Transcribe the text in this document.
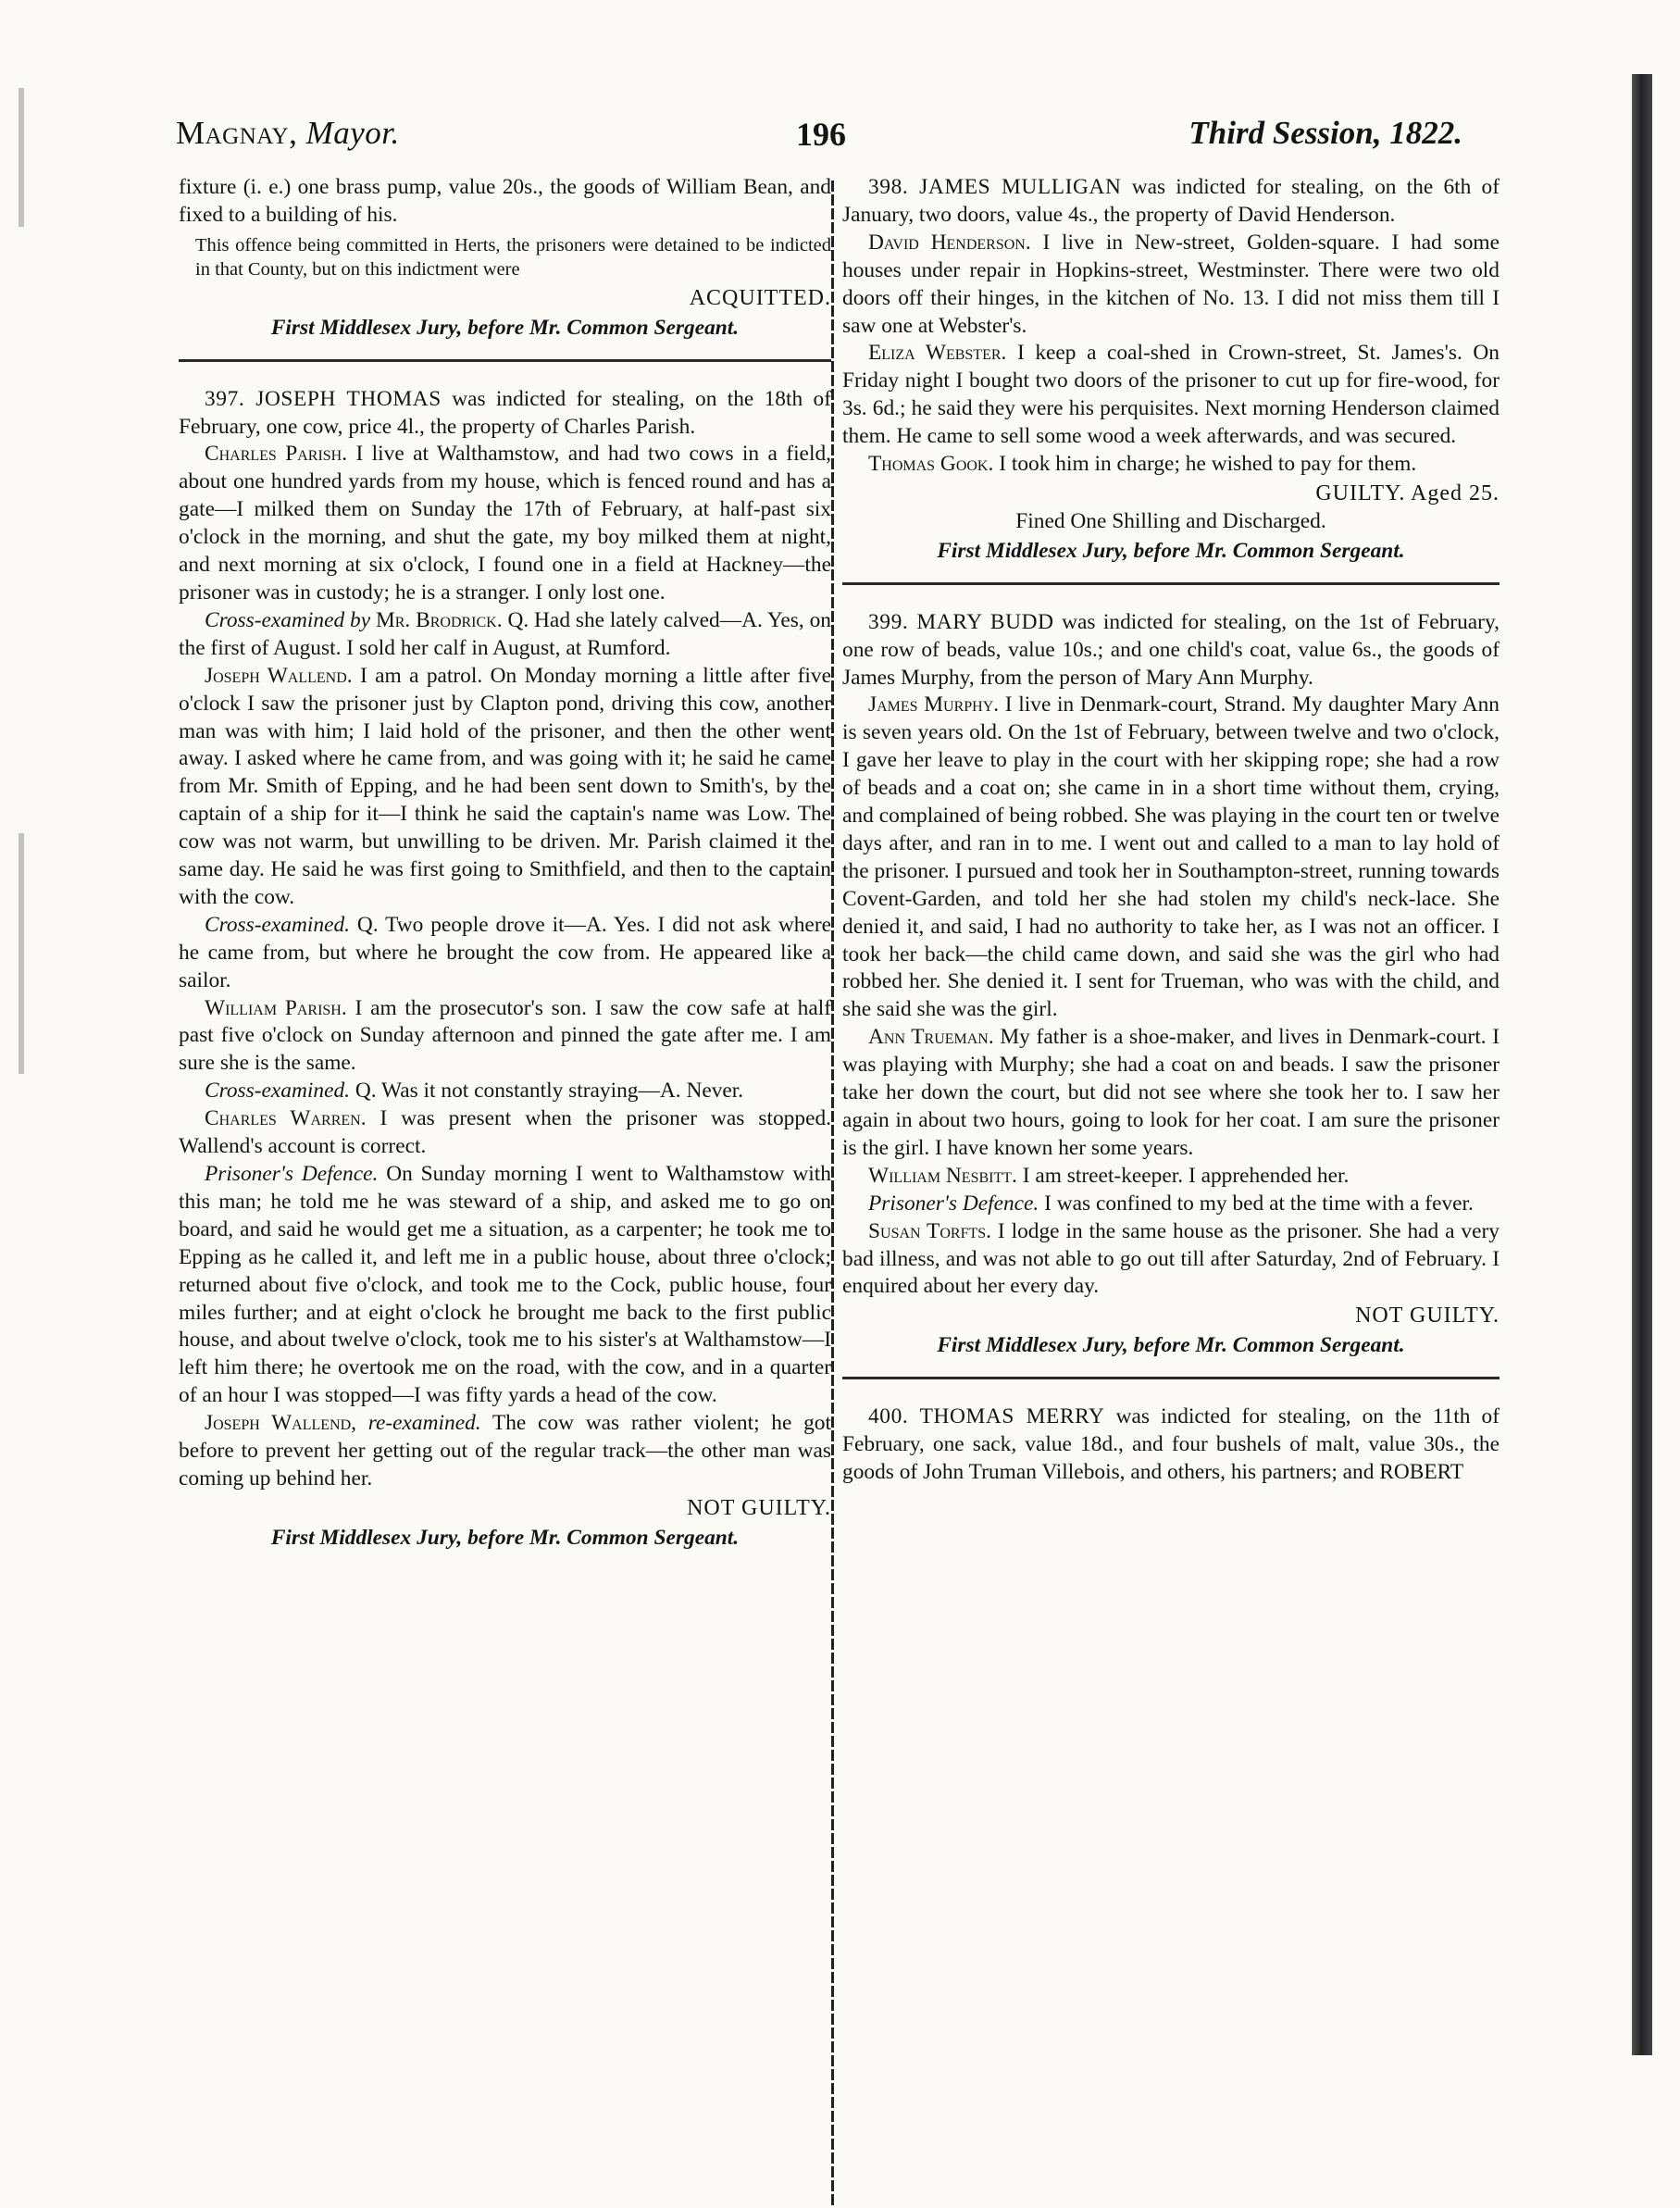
Magnay, Mayor.	196	Third Session, 1822.

fixture (i. e.) one brass pump, value 20s., the goods of William Bean, and fixed to a building of his.

This offence being committed in Herts, the prisoners were detained to be indicted in that County, but on this indictment were

ACQUITTED.

First Middlesex Jury, before Mr. Common Sergeant.

397. JOSEPH THOMAS was indicted for stealing, on the 18th of February, one cow, price 4l., the property of Charles Parish.

Charles Parish. I live at Walthamstow, and had two cows in a field, about one hundred yards from my house, which is fenced round and has a gate—I milked them on Sunday the 17th of February, at half-past six o'clock in the morning, and shut the gate, my boy milked them at night, and next morning at six o'clock, I found one in a field at Hackney—the prisoner was in custody; he is a stranger. I only lost one.

Cross-examined by Mr. Brodrick. Q. Had she lately calved—A. Yes, on the first of August. I sold her calf in August, at Rumford.

Joseph Wallend. I am a patrol. On Monday morning a little after five o'clock I saw the prisoner just by Clapton pond, driving this cow, another man was with him; I laid hold of the prisoner, and then the other went away. I asked where he came from, and was going with it; he said he came from Mr. Smith of Epping, and he had been sent down to Smith's, by the captain of a ship for it—I think he said the captain's name was Low. The cow was not warm, but unwilling to be driven. Mr. Parish claimed it the same day. He said he was first going to Smithfield, and then to the captain with the cow.

Cross-examined. Q. Two people drove it—A. Yes. I did not ask where he came from, but where he brought the cow from. He appeared like a sailor.

William Parish. I am the prosecutor's son. I saw the cow safe at half past five o'clock on Sunday afternoon and pinned the gate after me. I am sure she is the same.

Cross-examined. Q. Was it not constantly straying—A. Never.

Charles Warren. I was present when the prisoner was stopped. Wallend's account is correct.

Prisoner's Defence. On Sunday morning I went to Walthamstow with this man; he told me he was steward of a ship, and asked me to go on board, and said he would get me a situation, as a carpenter; he took me to Epping as he called it, and left me in a public house, about three o'clock; returned about five o'clock, and took me to the Cock, public house, four miles further; and at eight o'clock he brought me back to the first public house, and about twelve o'clock, took me to his sister's at Walthamstow—I left him there; he overtook me on the road, with the cow, and in a quarter of an hour I was stopped—I was fifty yards a head of the cow.

Joseph Wallend, re-examined. The cow was rather violent; he got before to prevent her getting out of the regular track—the other man was coming up behind her.

NOT GUILTY.

First Middlesex Jury, before Mr. Common Sergeant.

398. JAMES MULLIGAN was indicted for stealing, on the 6th of January, two doors, value 4s., the property of David Henderson.

David Henderson. I live in New-street, Golden-square. I had some houses under repair in Hopkins-street, Westminster. There were two old doors off their hinges, in the kitchen of No. 13. I did not miss them till I saw one at Webster's.

Eliza Webster. I keep a coal-shed in Crown-street, St. James's. On Friday night I bought two doors of the prisoner to cut up for fire-wood, for 3s. 6d.; he said they were his perquisites. Next morning Henderson claimed them. He came to sell some wood a week afterwards, and was secured.

Thomas Gook. I took him in charge; he wished to pay for them.

GUILTY. Aged 25.

Fined One Shilling and Discharged.

First Middlesex Jury, before Mr. Common Sergeant.

399. MARY BUDD was indicted for stealing, on the 1st of February, one row of beads, value 10s.; and one child's coat, value 6s., the goods of James Murphy, from the person of Mary Ann Murphy.

James Murphy. I live in Denmark-court, Strand. My daughter Mary Ann is seven years old. On the 1st of February, between twelve and two o'clock, I gave her leave to play in the court with her skipping rope; she had a row of beads and a coat on; she came in in a short time without them, crying, and complained of being robbed. She was playing in the court ten or twelve days after, and ran in to me. I went out and called to a man to lay hold of the prisoner. I pursued and took her in Southampton-street, running towards Covent-Garden, and told her she had stolen my child's neck-lace. She denied it, and said, I had no authority to take her, as I was not an officer. I took her back—the child came down, and said she was the girl who had robbed her. She denied it. I sent for Trueman, who was with the child, and she said she was the girl.

Ann Trueman. My father is a shoe-maker, and lives in Denmark-court. I was playing with Murphy; she had a coat on and beads. I saw the prisoner take her down the court, but did not see where she took her to. I saw her again in about two hours, going to look for her coat. I am sure the prisoner is the girl. I have known her some years.

William Nesbitt. I am street-keeper. I apprehended her.

Prisoner's Defence. I was confined to my bed at the time with a fever.

Susan Torfts. I lodge in the same house as the prisoner. She had a very bad illness, and was not able to go out till after Saturday, 2nd of February. I enquired about her every day.

NOT GUILTY.

First Middlesex Jury, before Mr. Common Sergeant.

400. THOMAS MERRY was indicted for stealing, on the 11th of February, one sack, value 18d., and four bushels of malt, value 30s., the goods of John Truman Villebois, and others, his partners; and ROBERT
